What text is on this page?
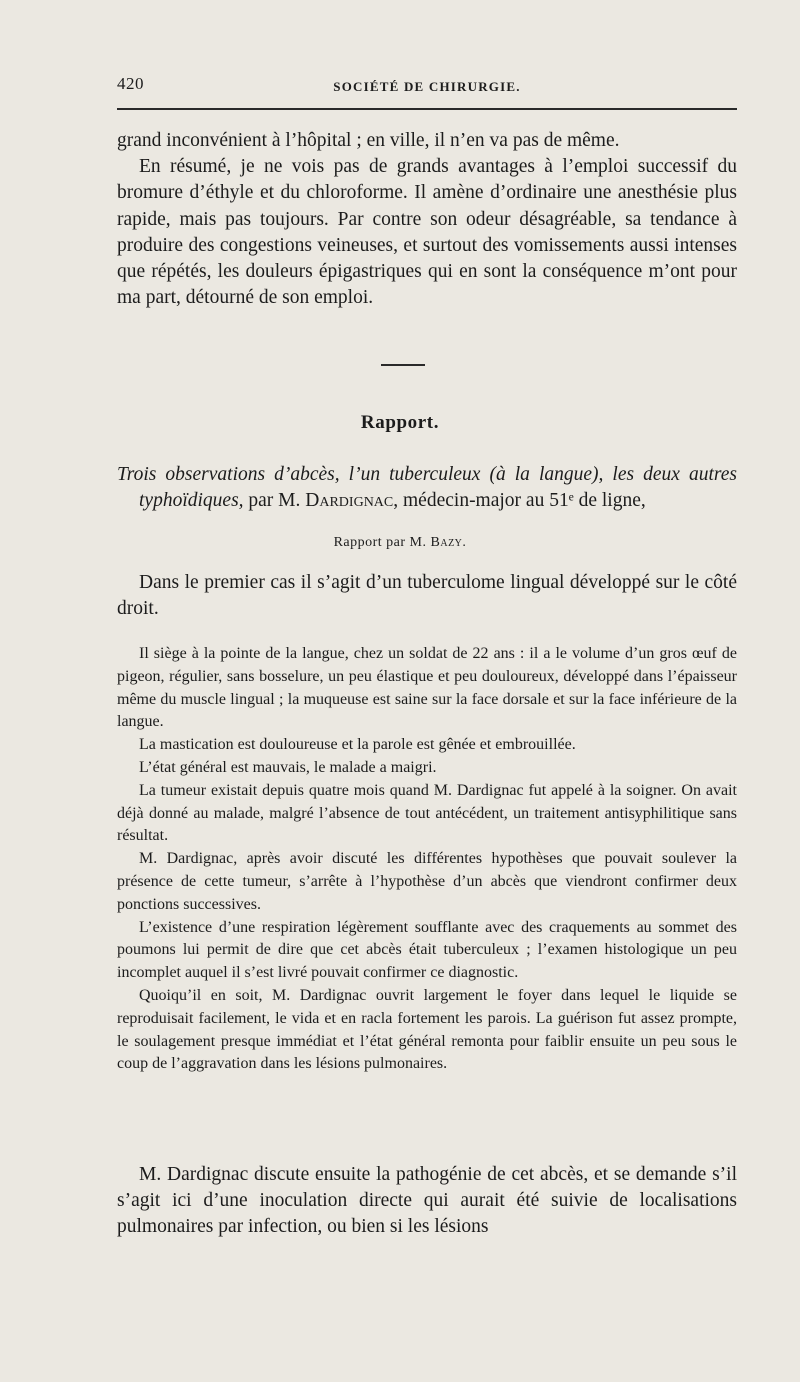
420	SOCIÉTÉ DE CHIRURGIE.

grand inconvénient à l’hôpital ; en ville, il n’en va pas de même.

En résumé, je ne vois pas de grands avantages à l’emploi successif du bromure d’éthyle et du chloroforme. Il amène d’ordinaire une anesthésie plus rapide, mais pas toujours. Par contre son odeur désagréable, sa tendance à produire des congestions veineuses, et surtout des vomissements aussi intenses que répétés, les douleurs épigastriques qui en sont la conséquence m’ont pour ma part, détourné de son emploi.

Rapport.
Trois observations d’abcès, l’un tuberculeux (à la langue), les deux autres typhoïdiques, par M. Dardignac, médecin-major au 51ᵉ de ligne,
Rapport par M. Bazy.

Dans le premier cas il s’agit d’un tuberculome lingual développé sur le côté droit.

Il siège à la pointe de la langue, chez un soldat de 22 ans : il a le volume d’un gros œuf de pigeon, régulier, sans bosselure, un peu élastique et peu douloureux, développé dans l’épaisseur même du muscle lingual ; la muqueuse est saine sur la face dorsale et sur la face inférieure de la langue.

La mastication est douloureuse et la parole est gênée et embrouillée.

L’état général est mauvais, le malade a maigri.

La tumeur existait depuis quatre mois quand M. Dardignac fut appelé à la soigner. On avait déjà donné au malade, malgré l’absence de tout antécédent, un traitement antisyphilitique sans résultat.

M. Dardignac, après avoir discuté les différentes hypothèses que pouvait soulever la présence de cette tumeur, s’arrête à l’hypothèse d’un abcès que viendront confirmer deux ponctions successives.

L’existence d’une respiration légèrement soufflante avec des craquements au sommet des poumons lui permit de dire que cet abcès était tuberculeux ; l’examen histologique un peu incomplet auquel il s’est livré pouvait confirmer ce diagnostic.

Quoiqu’il en soit, M. Dardignac ouvrit largement le foyer dans lequel le liquide se reproduisait facilement, le vida et en racla fortement les parois. La guérison fut assez prompte, le soulagement presque immédiat et l’état général remonta pour faiblir ensuite un peu sous le coup de l’aggravation dans les lésions pulmonaires.

M. Dardignac discute ensuite la pathogénie de cet abcès, et se demande s’il s’agit ici d’une inoculation directe qui aurait été suivie de localisations pulmonaires par infection, ou bien si les lésions
